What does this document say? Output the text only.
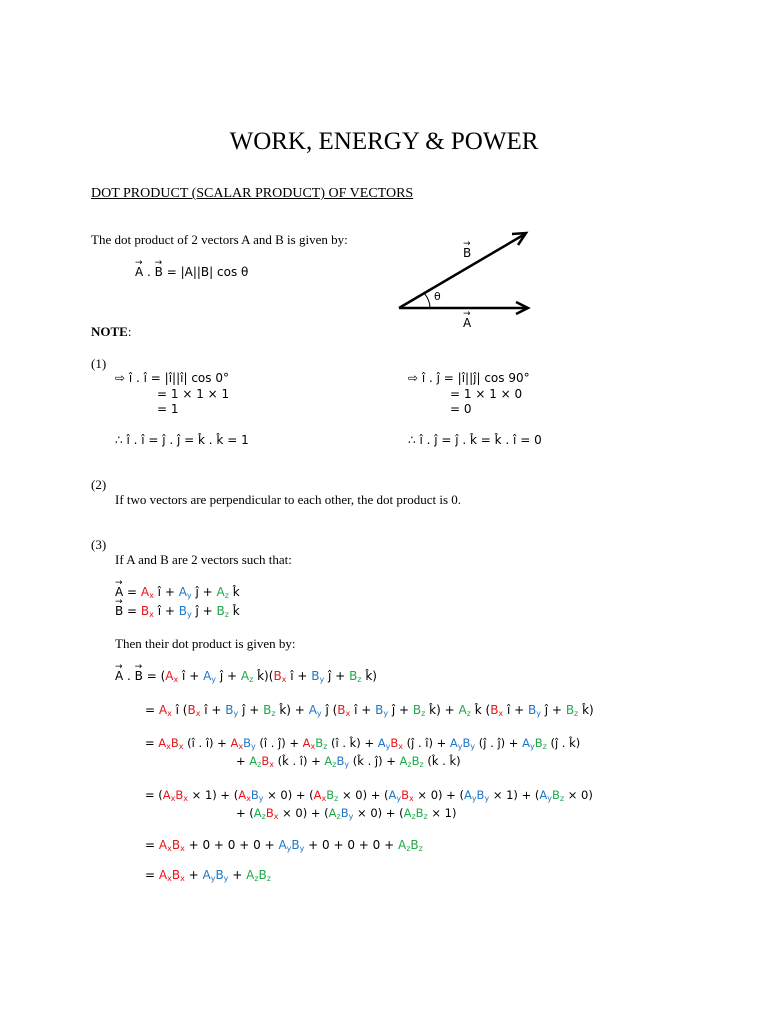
WORK, ENERGY & POWER
DOT PRODUCT (SCALAR PRODUCT) OF VECTORS
The dot product of 2 vectors A and B is given by:
→ A . → B = |A||B| cos θ
→ B
θ
→ A
NOTE:
(1)
⇨ î . î = |î||î| cos 0°
= 1 × 1 × 1
= 1
⇨ î . ĵ = |î||ĵ| cos 90°
= 1 × 1 × 0
= 0
∴ î . î = ĵ . ĵ = k̂ . k̂ = 1	∴ î . ĵ = ĵ . k̂ = k̂ . î = 0
(2)
If two vectors are perpendicular to each other, the dot product is 0.
(3)
If A and B are 2 vectors such that:
→ $A = A_x$ î + $A_y$ ĵ + $A_z$ k̂
→ $B = B_x$ î + $B_y$ ĵ + $B_z$ k̂
Then their dot product is given by:
→ A . → $B = (A_x$ î + $A_y$ ĵ + $A_z$ $k̂)(B_x$ î + $B_y$ ĵ + $B_z$ k̂)
= $A_x$ î ($B_x$ î + $B_y$ ĵ + $B_z$ k̂) + $A_y$ ĵ ($B_x$ î + $B_y$ ĵ + $B_z$ k̂) + $A_z$ k̂ ($B_x$ î + $B_y$ ĵ + $B_z$ k̂)
= $A_xB_x$ (î . î) + $A_xB_y$ (î . ĵ) + $A_xB_z$ (î . k̂) + $A_yB_x$ (ĵ . î) + $A_yB_y$ (ĵ . ĵ) + $A_yB_z$ (ĵ . k̂)
+ $A_zB_x$ (k̂ . î) + $A_zB_y$ (k̂ . ĵ) + $A_zB_z$ (k̂ . k̂)
= $(A_xB_x \times 1) + (A_xB_y \times 0) + (A_xB_z \times 0) + (A_yB_x \times 0) + (A_yB_y \times 1) + (A_yB_z \times 0)$
+ $(A_zB_x \times 0) + (A_zB_y \times 0) + (A_zB_z \times 1)$
= $A_xB_x + 0 + 0 + 0 + A_yB_y + 0 + 0 + 0 + A_zB_z$
= $A_xB_x + A_yB_y + A_zB_z$
